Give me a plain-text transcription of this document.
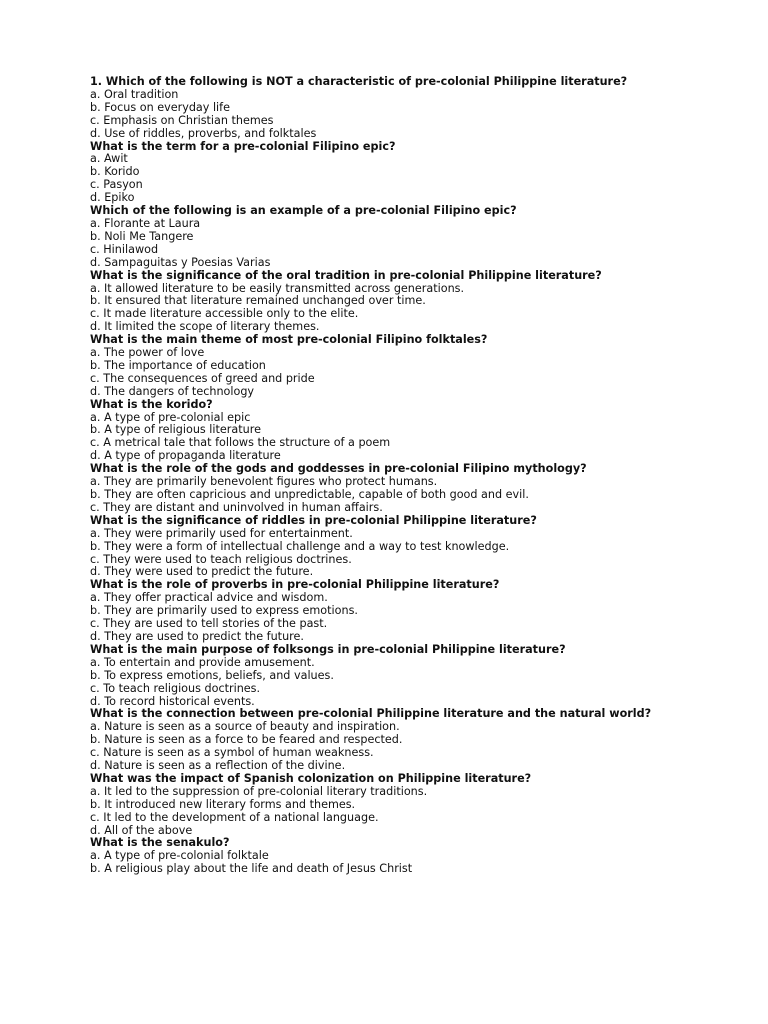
1. Which of the following is NOT a characteristic of pre-colonial Philippine literature?
a. Oral tradition
b. Focus on everyday life
c. Emphasis on Christian themes
d. Use of riddles, proverbs, and folktales
What is the term for a pre-colonial Filipino epic?
a. Awit
b. Korido
c. Pasyon
d. Epiko
Which of the following is an example of a pre-colonial Filipino epic?
a. Florante at Laura
b. Noli Me Tangere
c. Hinilawod
d. Sampaguitas y Poesias Varias
What is the significance of the oral tradition in pre-colonial Philippine literature?
a. It allowed literature to be easily transmitted across generations.
b. It ensured that literature remained unchanged over time.
c. It made literature accessible only to the elite.
d. It limited the scope of literary themes.
What is the main theme of most pre-colonial Filipino folktales?
a. The power of love
b. The importance of education
c. The consequences of greed and pride
d. The dangers of technology
What is the korido?
a. A type of pre-colonial epic
b. A type of religious literature
c. A metrical tale that follows the structure of a poem
d. A type of propaganda literature
What is the role of the gods and goddesses in pre-colonial Filipino mythology?
a. They are primarily benevolent figures who protect humans.
b. They are often capricious and unpredictable, capable of both good and evil.
c. They are distant and uninvolved in human affairs.
What is the significance of riddles in pre-colonial Philippine literature?
a. They were primarily used for entertainment.
b. They were a form of intellectual challenge and a way to test knowledge.
c. They were used to teach religious doctrines.
d. They were used to predict the future.
What is the role of proverbs in pre-colonial Philippine literature?
a. They offer practical advice and wisdom.
b. They are primarily used to express emotions.
c. They are used to tell stories of the past.
d. They are used to predict the future.
What is the main purpose of folksongs in pre-colonial Philippine literature?
a. To entertain and provide amusement.
b. To express emotions, beliefs, and values.
c. To teach religious doctrines.
d. To record historical events.
What is the connection between pre-colonial Philippine literature and the natural world?
a. Nature is seen as a source of beauty and inspiration.
b. Nature is seen as a force to be feared and respected.
c. Nature is seen as a symbol of human weakness.
d. Nature is seen as a reflection of the divine.
What was the impact of Spanish colonization on Philippine literature?
a. It led to the suppression of pre-colonial literary traditions.
b. It introduced new literary forms and themes.
c. It led to the development of a national language.
d. All of the above
What is the senakulo?
a. A type of pre-colonial folktale
b. A religious play about the life and death of Jesus Christ
